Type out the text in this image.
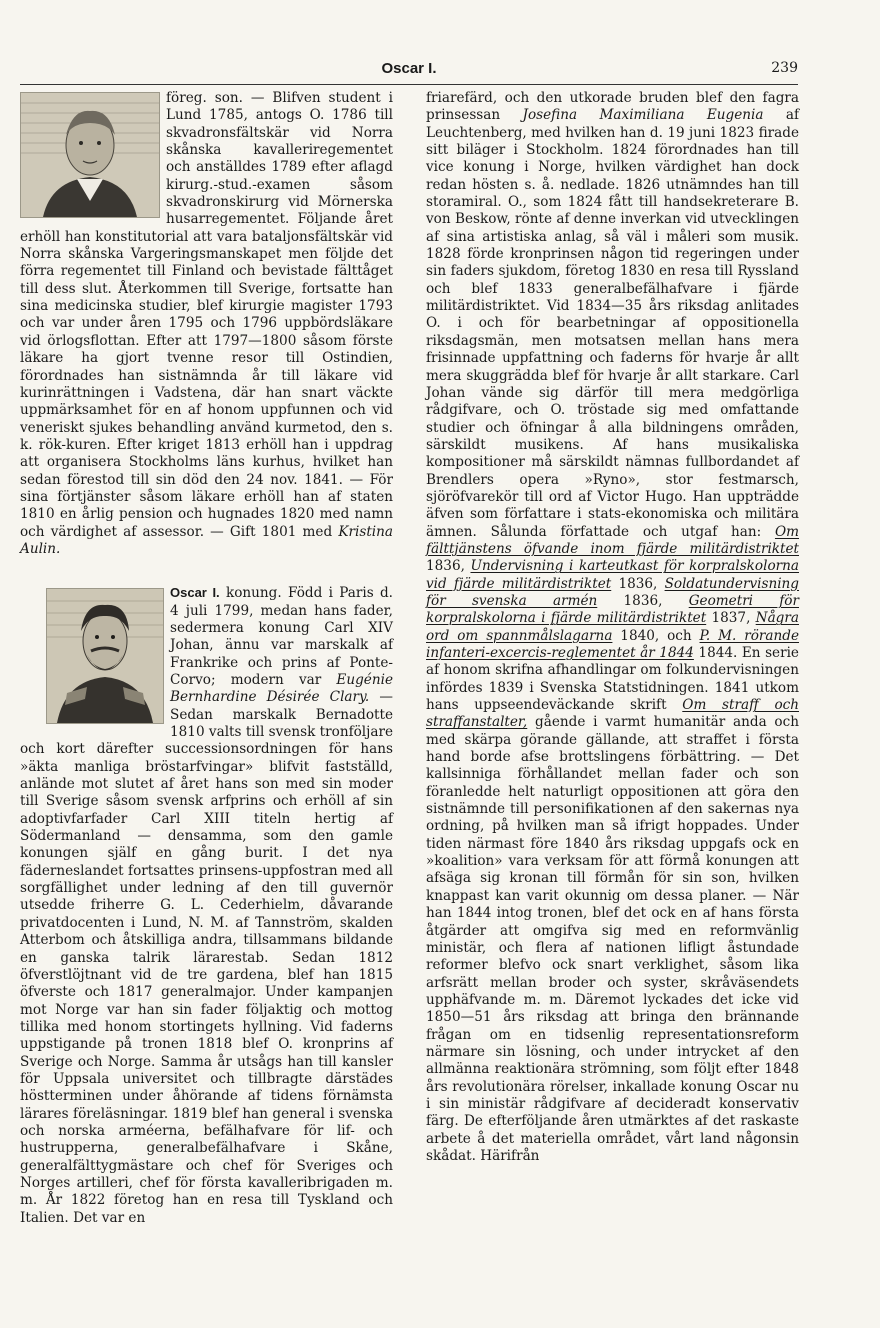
Oscar I.	239

föreg. son. — Blifven student i Lund 1785, antogs O. 1786 till skvadronsfältskär vid Norra skånska kavalleriregementet och anställdes 1789 efter aflagd kirurg.-stud.-examen såsom skvadronskirurg vid Mörnerska husarregementet. Följande året erhöll han konstitutorial att vara bataljonsfältskär vid Norra skånska Vargeringsmanskapet men följde det förra regementet till Finland och bevistade fälttåget till dess slut. Återkommen till Sverige, fortsatte han sina medicinska studier, blef kirurgie magister 1793 och var under åren 1795 och 1796 uppbördsläkare vid örlogsflottan. Efter att 1797—1800 såsom förste läkare ha gjort tvenne resor till Ostindien, förordnades han sistnämnda år till läkare vid kurinrättningen i Vadstena, där han snart väckte uppmärksamhet för en af honom uppfunnen och vid veneriskt sjukes behandling använd kurmetod, den s. k. rök-kuren. Efter kriget 1813 erhöll han i uppdrag att organisera Stockholms läns kurhus, hvilket han sedan förestod till sin död den 24 nov. 1841. — För sina förtjänster såsom läkare erhöll han af staten 1810 en årlig pension och hugnades 1820 med namn och värdighet af assessor. — Gift 1801 med Kristina Aulin.

Oscar I. konung. Född i Paris d. 4 juli 1799, medan hans fader, sedermera konung Carl XIV Johan, ännu var marskalk af Frankrike och prins af Ponte-Corvo; modern var Eugénie Bernhardine Désirée Clary. — Sedan marskalk Bernadotte 1810 valts till svensk tronföljare och kort därefter successionsordningen för hans »äkta manliga bröstarfvingar» blifvit fastställd, anlände mot slutet af året hans son med sin moder till Sverige såsom svensk arfprins och erhöll af sin adoptivfarfader Carl XIII titeln hertig af Södermanland — densamma, som den gamle konungen själf en gång burit. I det nya fäderneslandet fortsattes prinsens-uppfostran med all sorgfällighet under ledning af den till guvernör utsedde friherre G. L. Cederhielm, dåvarande privatdocenten i Lund, N. M. af Tannström, skalden Atterbom och åtskilliga andra, tillsammans bildande en ganska talrik lärarestab. Sedan 1812 öfverstlöjtnant vid de tre gardena, blef han 1815 öfverste och 1817 generalmajor. Under kampanjen mot Norge var han sin fader följaktig och mottog tillika med honom stortingets hyllning. Vid faderns uppstigande på tronen 1818 blef O. kronprins af Sverige och Norge. Samma år utsågs han till kansler för Uppsala universitet och tillbragte därstädes höstterminen under åhörande af tidens förnämsta lärares föreläsningar. 1819 blef han general i svenska och norska arméerna, befälhafvare för lif- och hustrupperna, generalbefälhafvare i Skåne, generalfälttygmästare och chef för Sveriges och Norges artilleri, chef för första kavalleribrigaden m. m. År 1822 företog han en resa till Tyskland och Italien. Det var en

friarefärd, och den utkorade bruden blef den fagra prinsessan Josefina Maximiliana Eugenia af Leuchtenberg, med hvilken han d. 19 juni 1823 firade sitt biläger i Stockholm. 1824 förordnades han till vice konung i Norge, hvilken värdighet han dock redan hösten s. å. nedlade. 1826 utnämndes han till storamiral. O., som 1824 fått till handsekreterare B. von Beskow, rönte af denne inverkan vid utvecklingen af sina artistiska anlag, så väl i måleri som musik. 1828 förde kronprinsen någon tid regeringen under sin faders sjukdom, företog 1830 en resa till Ryssland och blef 1833 generalbefälhafvare i fjärde militärdistriktet. Vid 1834—35 års riksdag anlitades O. i och för bearbetningar af oppositionella riksdagsmän, men motsatsen mellan hans mera frisinnade uppfattning och faderns för hvarje år allt mera skuggrädda blef för hvarje år allt starkare. Carl Johan vände sig därför till mera medgörliga rådgifvare, och O. tröstade sig med omfattande studier och öfningar å alla bildningens områden, särskildt musikens. Af hans musikaliska kompositioner må särskildt nämnas fullbordandet af Brendlers opera »Ryno», stor festmarsch, sjöröfvarekör till ord af Victor Hugo. Han uppträdde äfven som författare i stats-ekonomiska och militära ämnen. Sålunda författade och utgaf han: Om fälttjänstens öfvande inom fjärde militärdistriktet 1836, Undervisning i karteutkast för korpralskolorna vid fjärde militärdistriktet 1836, Soldatundervisning för svenska armén 1836, Geometri för korpralskolorna i fjärde militärdistriktet 1837, Några ord om spannmålslagarna 1840, och P. M. rörande infanteri-excercis-reglementet år 1844 1844. En serie af honom skrifna afhandlingar om folkundervisningen infördes 1839 i Svenska Statstidningen. 1841 utkom hans uppseendeväckande skrift Om straff och straffanstalter, gående i varmt humanitär anda och med skärpa görande gällande, att straffet i första hand borde afse brottslingens förbättring. — Det kallsinniga förhållandet mellan fader och son föranledde helt naturligt oppositionen att göra den sistnämnde till personifikationen af den sakernas nya ordning, på hvilken man så ifrigt hoppades. Under tiden närmast före 1840 års riksdag uppgafs ock en »koalition» vara verksam för att förmå konungen att afsäga sig kronan till förmån för sin son, hvilken knappast kan varit okunnig om dessa planer. — När han 1844 intog tronen, blef det ock en af hans första åtgärder att omgifva sig med en reformvänlig ministär, och flera af nationen lifligt åstundade reformer blefvo ock snart verklighet, såsom lika arfsrätt mellan broder och syster, skråväsendets upphäfvande m. m. Däremot lyckades det icke vid 1850—51 års riksdag att bringa den brännande frågan om en tidsenlig representationsreform närmare sin lösning, och under intrycket af den allmänna reaktionära strömning, som följt efter 1848 års revolutionära rörelser, inkallade konung Oscar nu i sin ministär rådgifvare af decideradt konservativ färg. De efterföljande åren utmärktes af det raskaste arbete å det materiella området, vårt land någonsin skådat. Härifrån
